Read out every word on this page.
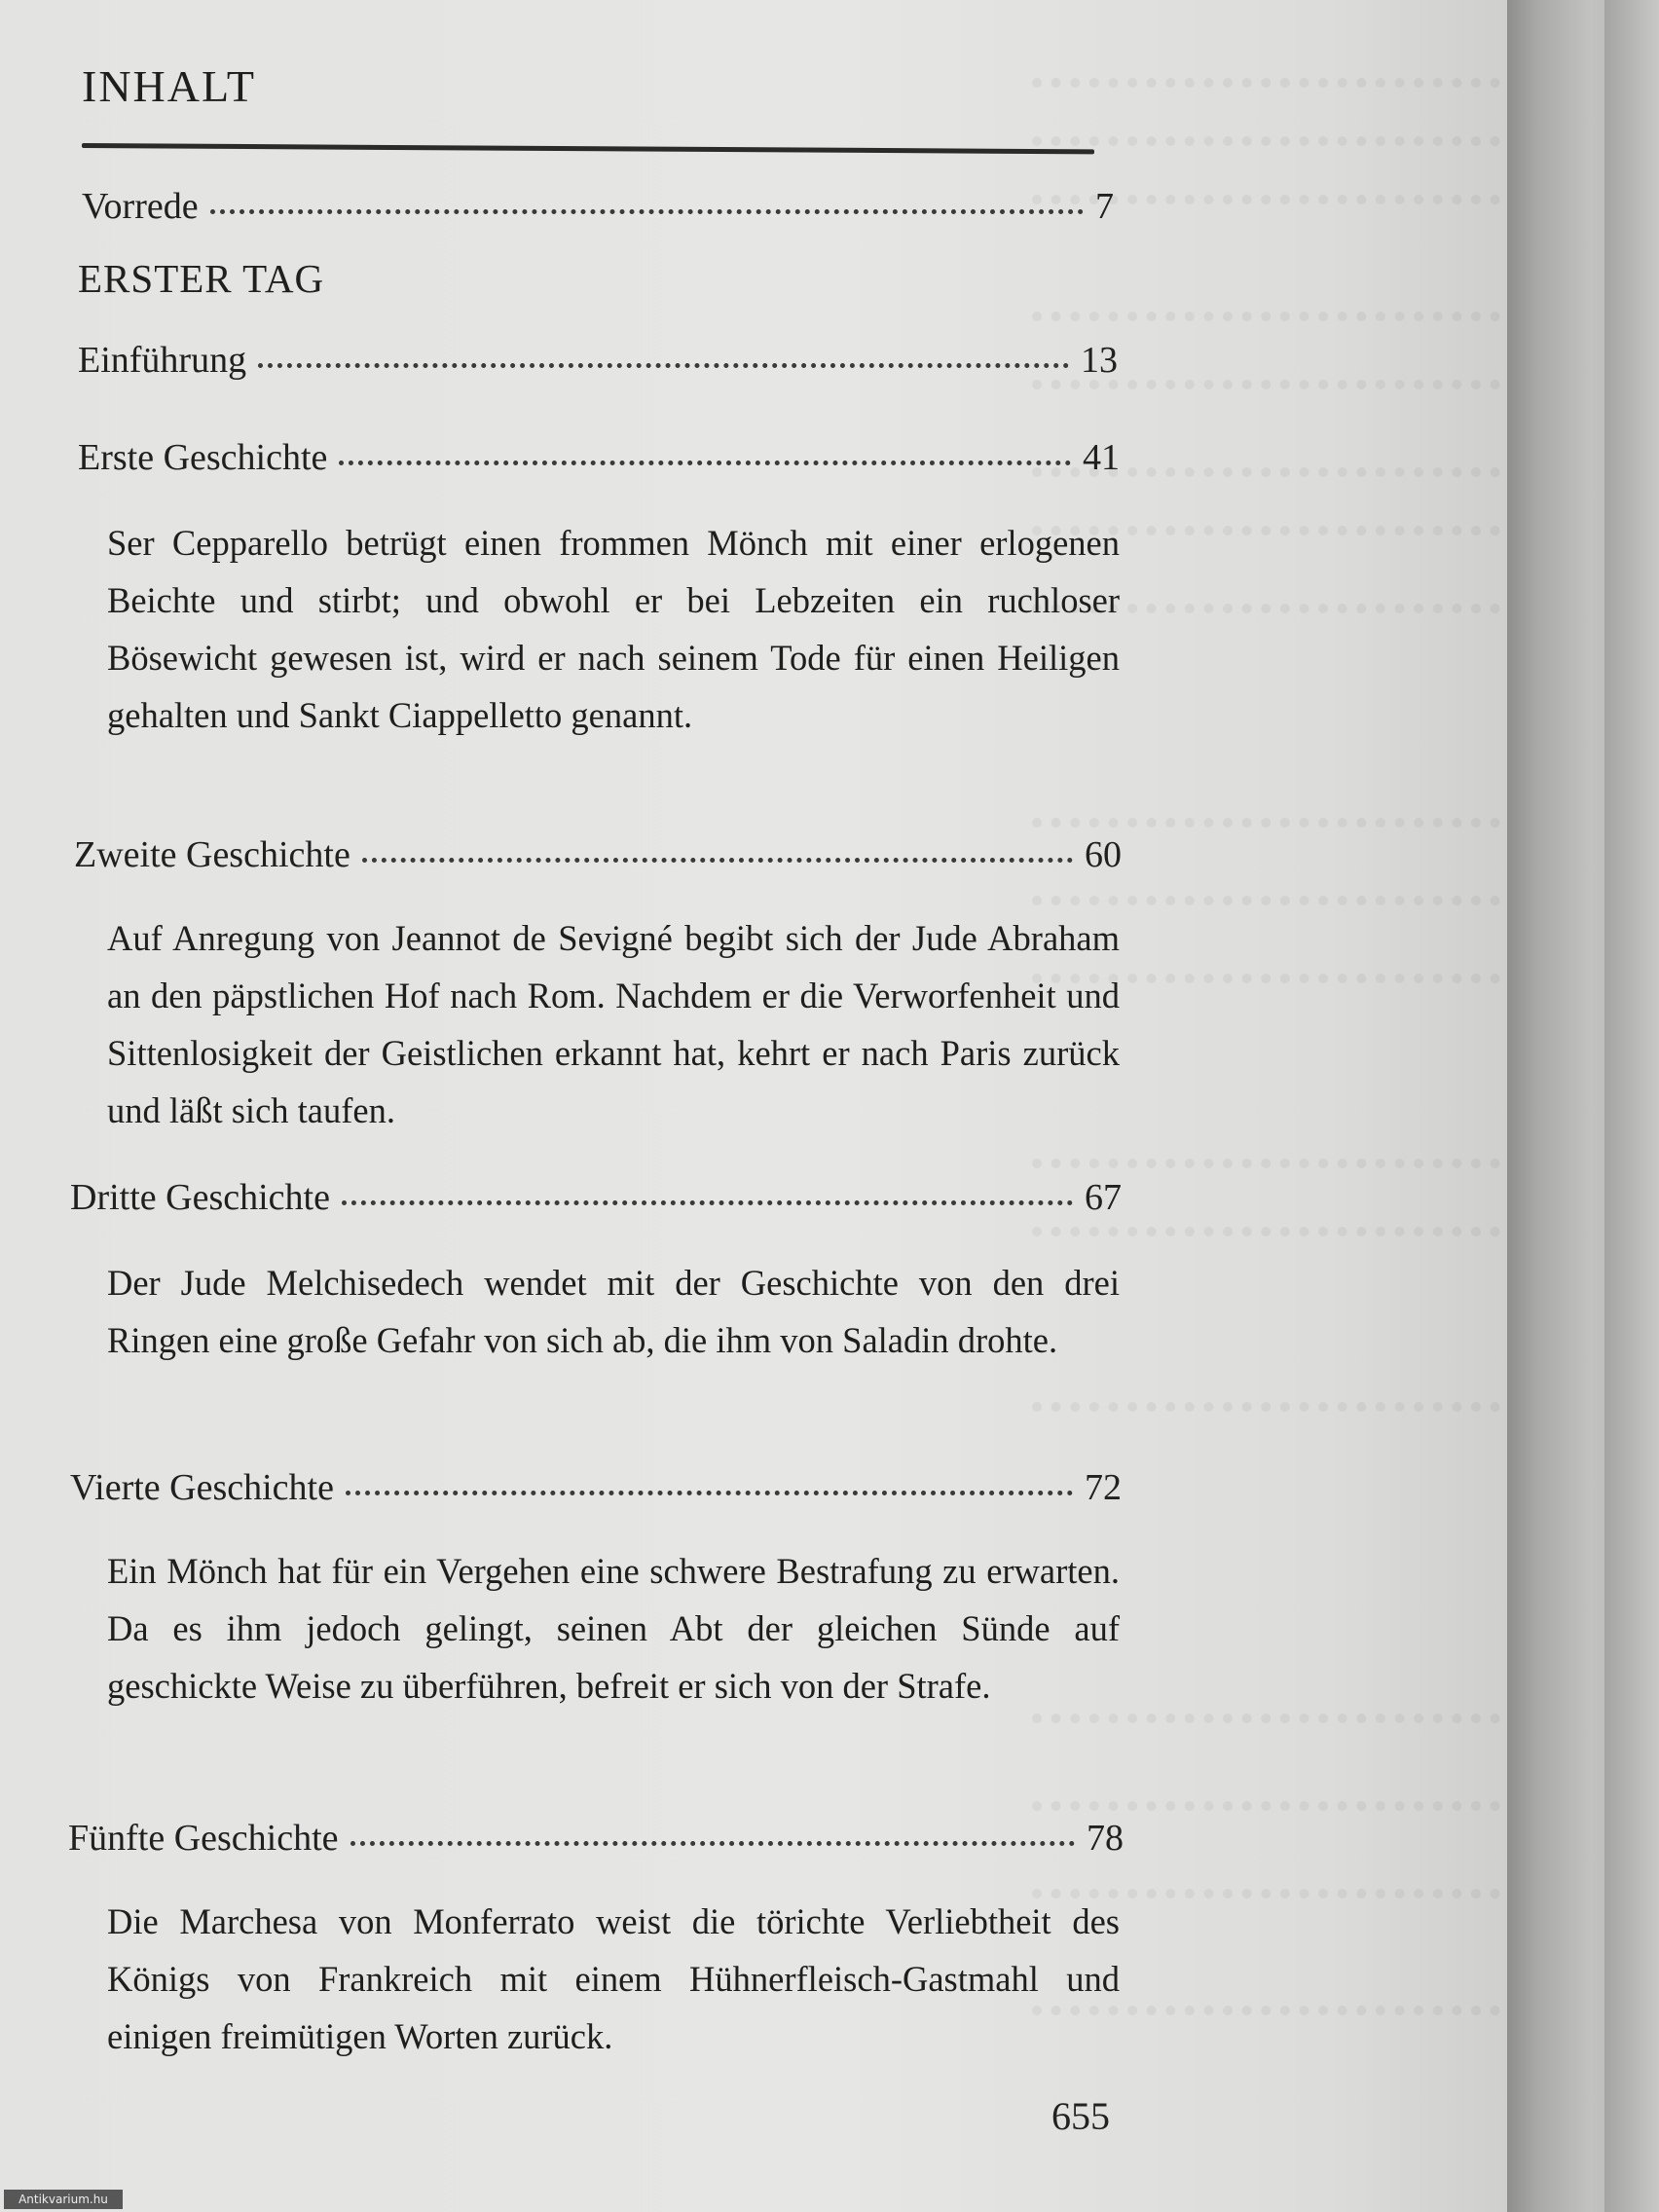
INHALT
Vorrede	7
ERSTER TAG
Einführung	13
Erste Geschichte	41

Ser Cepparello betrügt einen frommen Mönch mit einer erlogenen Beichte und stirbt; und obwohl er bei Lebzeiten ein ruchloser Bösewicht gewesen ist, wird er nach seinem Tode für einen Heiligen gehalten und Sankt Ciappelletto genannt.

Zweite Geschichte	60

Auf Anregung von Jeannot de Sevigné begibt sich der Jude Abraham an den päpstlichen Hof nach Rom. Nachdem er die Verworfenheit und Sittenlosigkeit der Geistlichen erkannt hat, kehrt er nach Paris zurück und läßt sich taufen.

Dritte Geschichte	67

Der Jude Melchisedech wendet mit der Geschichte von den drei Ringen eine große Gefahr von sich ab, die ihm von Saladin drohte.

Vierte Geschichte	72

Ein Mönch hat für ein Vergehen eine schwere Bestrafung zu erwarten. Da es ihm jedoch gelingt, seinen Abt der gleichen Sünde auf geschickte Weise zu überführen, befreit er sich von der Strafe.

Fünfte Geschichte	78

Die Marchesa von Monferrato weist die törichte Verliebtheit des Königs von Frankreich mit einem Hühnerfleisch-Gastmahl und einigen freimütigen Worten zurück.

655
Antikvarium.hu
